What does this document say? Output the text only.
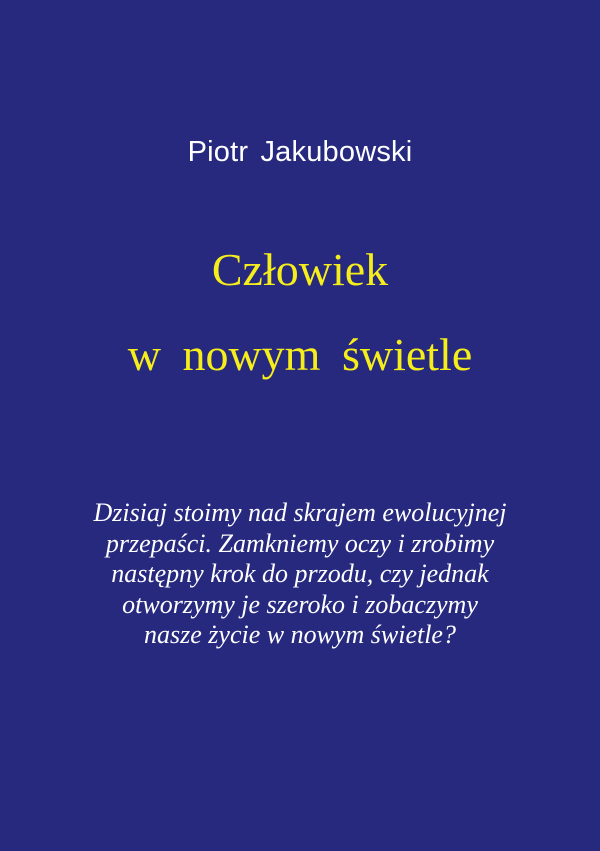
Piotr Jakubowski
Człowiek
w nowym świetle
Dzisiaj stoimy nad skrajem ewolucyjnej
przepaści. Zamkniemy oczy i zrobimy
następny krok do przodu, czy jednak
otworzymy je szeroko i zobaczymy
nasze życie w nowym świetle?
